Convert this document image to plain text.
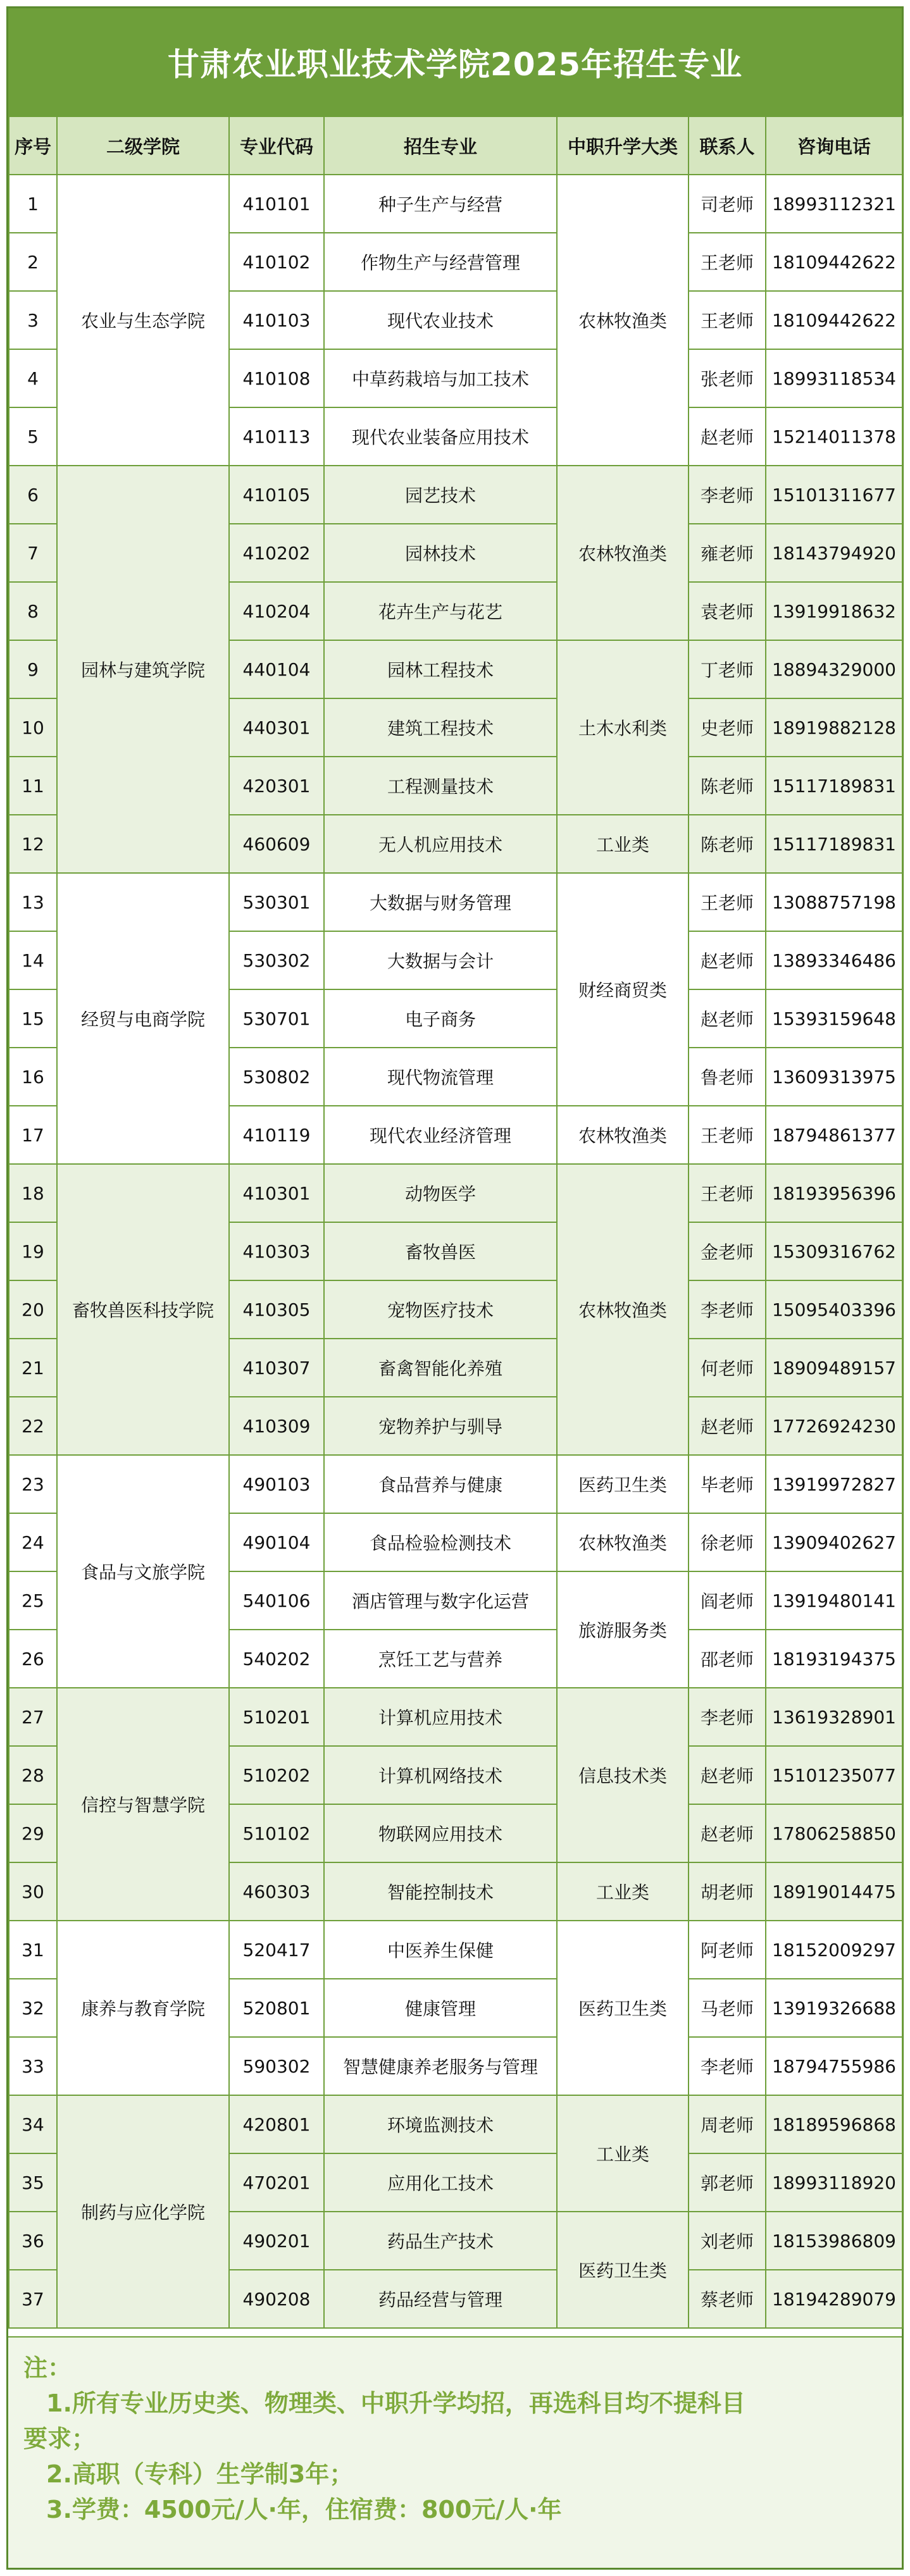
甘肃农业职业技术学院2025年招生专业
序号	二级学院	专业代码	招生专业	中职升学大类	联系人	咨询电话
1	农业与生态学院	410101	种子生产与经营	农林牧渔类	司老师	18993112321
2		410102	作物生产与经营管理		王老师	18109442622
3		410103	现代农业技术		王老师	18109442622
4		410108	中草药栽培与加工技术		张老师	18993118534
5		410113	现代农业装备应用技术		赵老师	15214011378
6	园林与建筑学院	410105	园艺技术	农林牧渔类	李老师	15101311677
7		410202	园林技术		雍老师	18143794920
8		410204	花卉生产与花艺		袁老师	13919918632
9		440104	园林工程技术	土木水利类	丁老师	18894329000
10		440301	建筑工程技术		史老师	18919882128
11		420301	工程测量技术		陈老师	15117189831
12		460609	无人机应用技术	工业类	陈老师	15117189831
13	经贸与电商学院	530301	大数据与财务管理	财经商贸类	王老师	13088757198
14		530302	大数据与会计		赵老师	13893346486
15		530701	电子商务		赵老师	15393159648
16		530802	现代物流管理		鲁老师	13609313975
17		410119	现代农业经济管理	农林牧渔类	王老师	18794861377
18	畜牧兽医科技学院	410301	动物医学	农林牧渔类	王老师	18193956396
19		410303	畜牧兽医		金老师	15309316762
20		410305	宠物医疗技术		李老师	15095403396
21		410307	畜禽智能化养殖		何老师	18909489157
22		410309	宠物养护与驯导		赵老师	17726924230
23	食品与文旅学院	490103	食品营养与健康	医药卫生类	毕老师	13919972827
24		490104	食品检验检测技术	农林牧渔类	徐老师	13909402627
25		540106	酒店管理与数字化运营	旅游服务类	阎老师	13919480141
26		540202	烹饪工艺与营养		邵老师	18193194375
27	信控与智慧学院	510201	计算机应用技术	信息技术类	李老师	13619328901
28		510202	计算机网络技术		赵老师	15101235077
29		510102	物联网应用技术		赵老师	17806258850
30		460303	智能控制技术	工业类	胡老师	18919014475
31	康养与教育学院	520417	中医养生保健	医药卫生类	阿老师	18152009297
32		520801	健康管理		马老师	13919326688
33		590302	智慧健康养老服务与管理		李老师	18794755986
34	制药与应化学院	420801	环境监测技术	工业类	周老师	18189596868
35		470201	应用化工技术		郭老师	18993118920
36		490201	药品生产技术	医药卫生类	刘老师	18153986809
37		490208	药品经营与管理		蔡老师	18194289079
注：
1.所有专业历史类、物理类、中职升学均招，再选科目均不提科目
要求；
2.高职（专科）生学制3年；
3.学费：4500元/人·年，住宿费：800元/人·年
